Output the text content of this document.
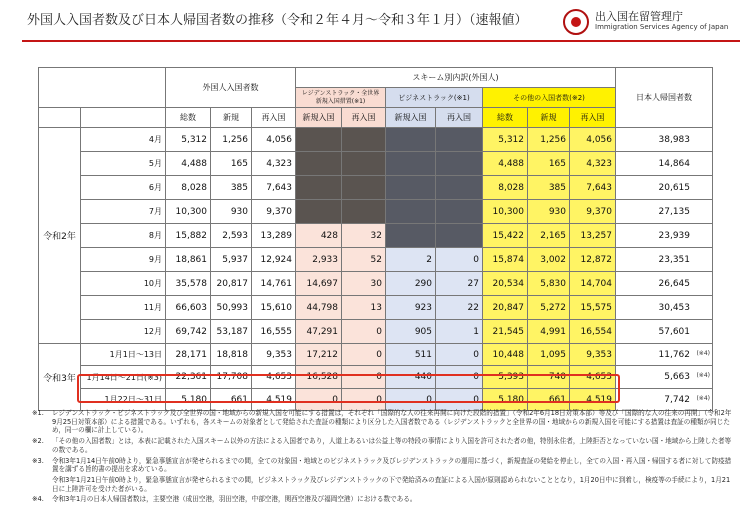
外国人入国者数及び日本人帰国者数の推移（令和２年４月～令和３年１月）（速報値）	出入国在留管理庁
Immigration Services Agency of Japan
		外国人入国者数			スキーム別内訳(外国人)							日本人帰国者数
					レジデンストラック・全世界新規入国措置(※1)		ビジネストラック(※1)		その他の入国者数(※2)			
		総数	新規	再入国	新規入国	再入国	新規入国	再入国	総数	新規	再入国	
令和2年	4月	5,312	1,256	4,056					5,312	1,256	4,056	38,983
	5月	4,488	165	4,323					4,488	165	4,323	14,864
	6月	8,028	385	7,643					8,028	385	7,643	20,615
	7月	10,300	930	9,370					10,300	930	9,370	27,135
	8月	15,882	2,593	13,289	428	32			15,422	2,165	13,257	23,939
	9月	18,861	5,937	12,924	2,933	52	2	0	15,874	3,002	12,872	23,351
	10月	35,578	20,817	14,761	14,697	30	290	27	20,534	5,830	14,704	26,645
	11月	66,603	50,993	15,610	44,798	13	923	22	20,847	5,272	15,575	30,453
	12月	69,742	53,187	16,555	47,291	0	905	1	21,545	4,991	16,554	57,601
令和3年	1月1日～13日	28,171	18,818	9,353	17,212	0	511	0	10,448	1,095	9,353	11,762 (※4)

	1月14日～21日(※3)	22,361	17,708	4,653	16,528	0	440	0	5,393	740	4,653	5,663 (※4)

	1月22日～31日	5,180	661	4,519	0	0	0	0	5,180	661	4,519	7,742 (※4)
※1.	レジデンストラック・ビジネストラック及び全世界の国・地域からの新規入国を可能にする措置は，それぞれ「国際的な人の往来再開に向けた段階的措置」（令和2年6月18日対策本部）等及び「国際的な人の往来の再開」（令和2年9月25日対策本部）による措置である。いずれも，各スキームの対象者として発給された査証の種類により区分した入国者数である（レジデンストラックと全世界の国・地域からの新規入国を可能にする措置は査証の種類が同じため，同一の欄に計上している）。
※2.	「その他の入国者数」とは，本表に記載された入国スキーム以外の方法による入国者であり，人道上あるいは公益上等の特段の事情により入国を許可された者の他，特別永住者，上陸拒否となっていない国・地域から上陸した者等の数である。
※3.	令和3年1月14日午前0時より，緊急事態宣言が発せられるまでの間，全ての対象国・地域とのビジネストラック及びレジデンストラックの運用に基づく，新規査証の発給を停止し，全ての入国・再入国・帰国する者に対して防疫措置を講ずる旨的書の提出を求めている。
令和3年1月21日午前0時より，緊急事態宣言が発せられるまでの間，ビジネストラック及びレジデンストラックの下で発給済みの査証による入国が原則認められないこととなり，1月20日中に到着し，検疫等の手続により，1月21日に上陸許可を受けた者がいる。
※4.	令和3年1月の日本人帰国者数は，主要空港（成田空港，羽田空港，中部空港，関西空港及び福岡空港）における数である。
